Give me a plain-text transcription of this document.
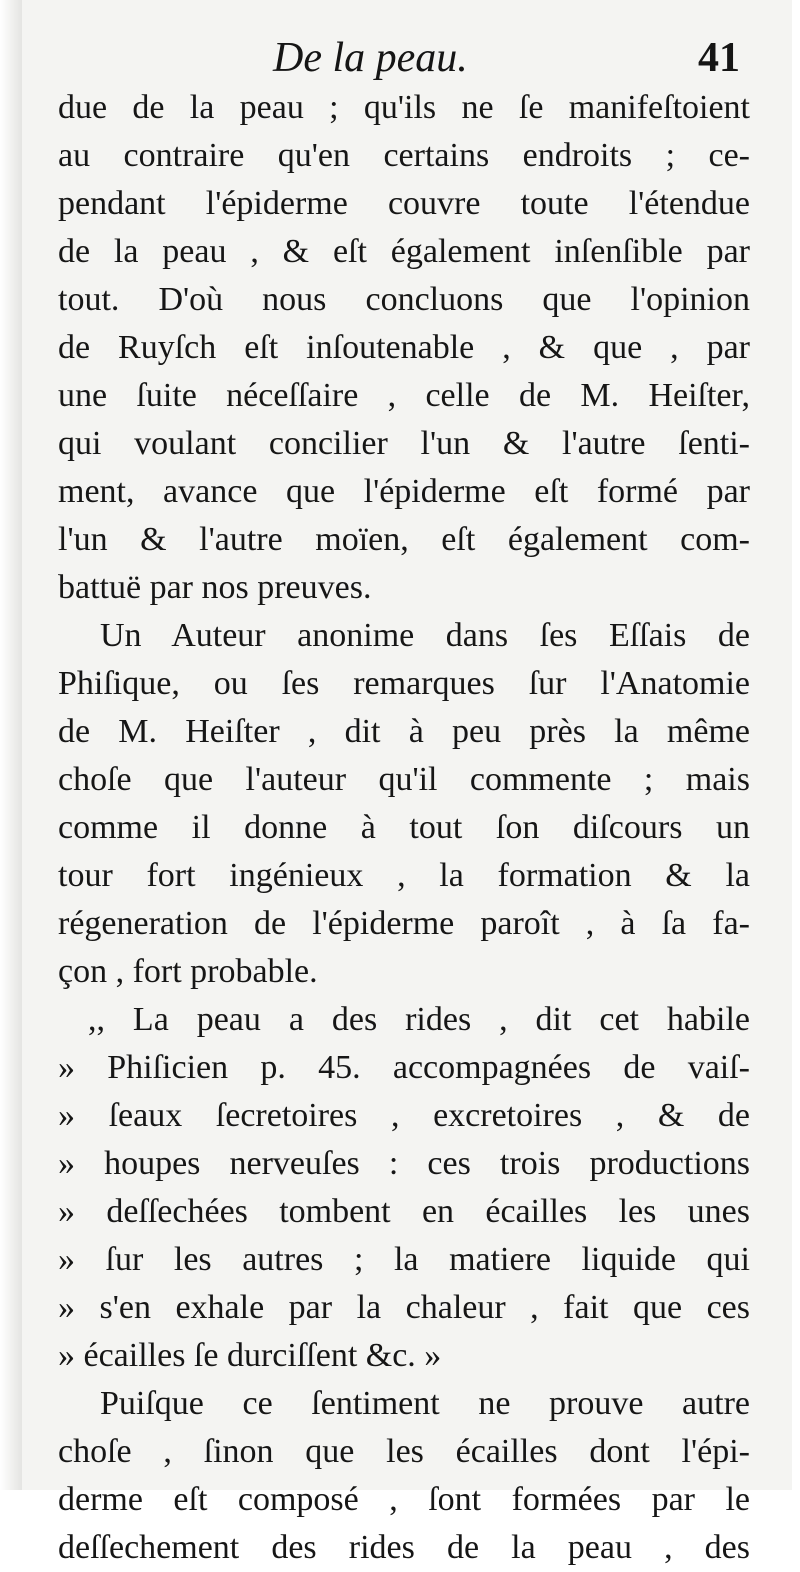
De la peau.	41
due de la peau ; qu'ils ne ſe manifeſtoient
au contraire qu'en certains endroits ; ce-
pendant l'épiderme couvre toute l'étendue
de la peau , & eſt également inſenſible par
tout. D'où nous concluons que l'opinion
de Ruyſch eſt inſoutenable , & que , par
une ſuite néceſſaire , celle de M. Heiſter,
qui voulant concilier l'un & l'autre ſenti-
ment, avance que l'épiderme eſt formé par
l'un & l'autre moïen, eſt également com-
battuë par nos preuves.
Un Auteur anonime dans ſes Eſſais de
Phiſique, ou ſes remarques ſur l'Anatomie
de M. Heiſter , dit à peu près la même
choſe que l'auteur qu'il commente ; mais
comme il donne à tout ſon diſcours un
tour fort ingénieux , la formation & la
régeneration de l'épiderme paroît , à ſa fa-
çon , fort probable.
,, La peau a des rides , dit cet habile
» Phiſicien p. 45. accompagnées de vaiſ-
» ſeaux ſecretoires , excretoires , & de
» houpes nerveuſes : ces trois productions
» deſſechées tombent en écailles les unes
» ſur les autres ; la matiere liquide qui
» s'en exhale par la chaleur , fait que ces
» écailles ſe durciſſent &c. »
Puiſque ce ſentiment ne prouve autre
choſe , ſinon que les écailles dont l'épi-
derme eſt composé , ſont formées par le
deſſechement des rides de la peau , des
